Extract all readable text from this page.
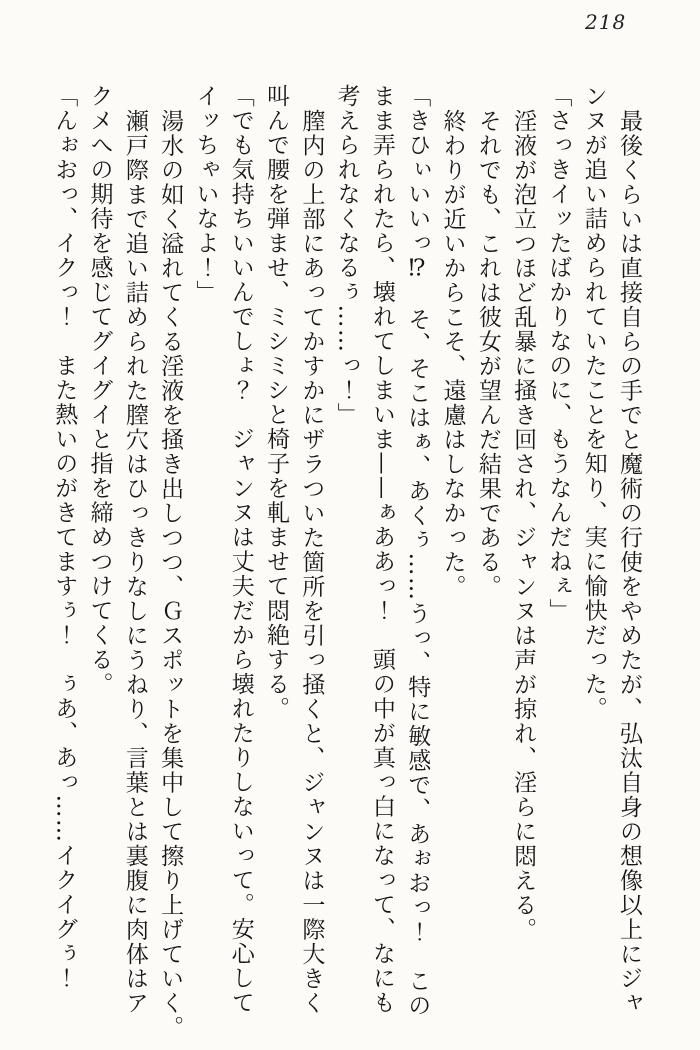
218

最後くらいは直接自らの手でと魔術の行使をやめたが、弘汰自身の想像以上にジャ

ンヌが追い詰められていたことを知り、実に愉快だった。

「さっきイッたばかりなのに、もうなんだねぇ」

淫液が泡立つほど乱暴に掻き回され、ジャンヌは声が掠れ、淫らに悶える。

それでも、これは彼女が望んだ結果である。

終わりが近いからこそ、遠慮はしなかった。

「きひぃいいっ⁉　そ、そこはぁ、あくぅ……うっ、特に敏感で、あぉおっ！　この

まま弄られたら、壊れてしまいま——ぁああっ！　頭の中が真っ白になって、なにも

考えられなくなるぅ……っ！」

膣内の上部にあってかすかにザラついた箇所を引っ掻くと、ジャンヌは一際大きく

叫んで腰を弾ませ、ミシミシと椅子を軋ませて悶絶する。

「でも気持ちいいんでしょ？　ジャンヌは丈夫だから壊れたりしないって。安心して

イッちゃいなよ！」

湯水の如く溢れてくる淫液を掻き出しつつ、Ｇスポットを集中して擦り上げていく。

瀬戸際まで追い詰められた膣穴はひっきりなしにうねり、言葉とは裏腹に肉体はア

クメへの期待を感じてグイグイと指を締めつけてくる。

「んぉおっ、イクっ！　また熱いのがきてますぅ！　ぅあ、あっ……イクイグぅ！
